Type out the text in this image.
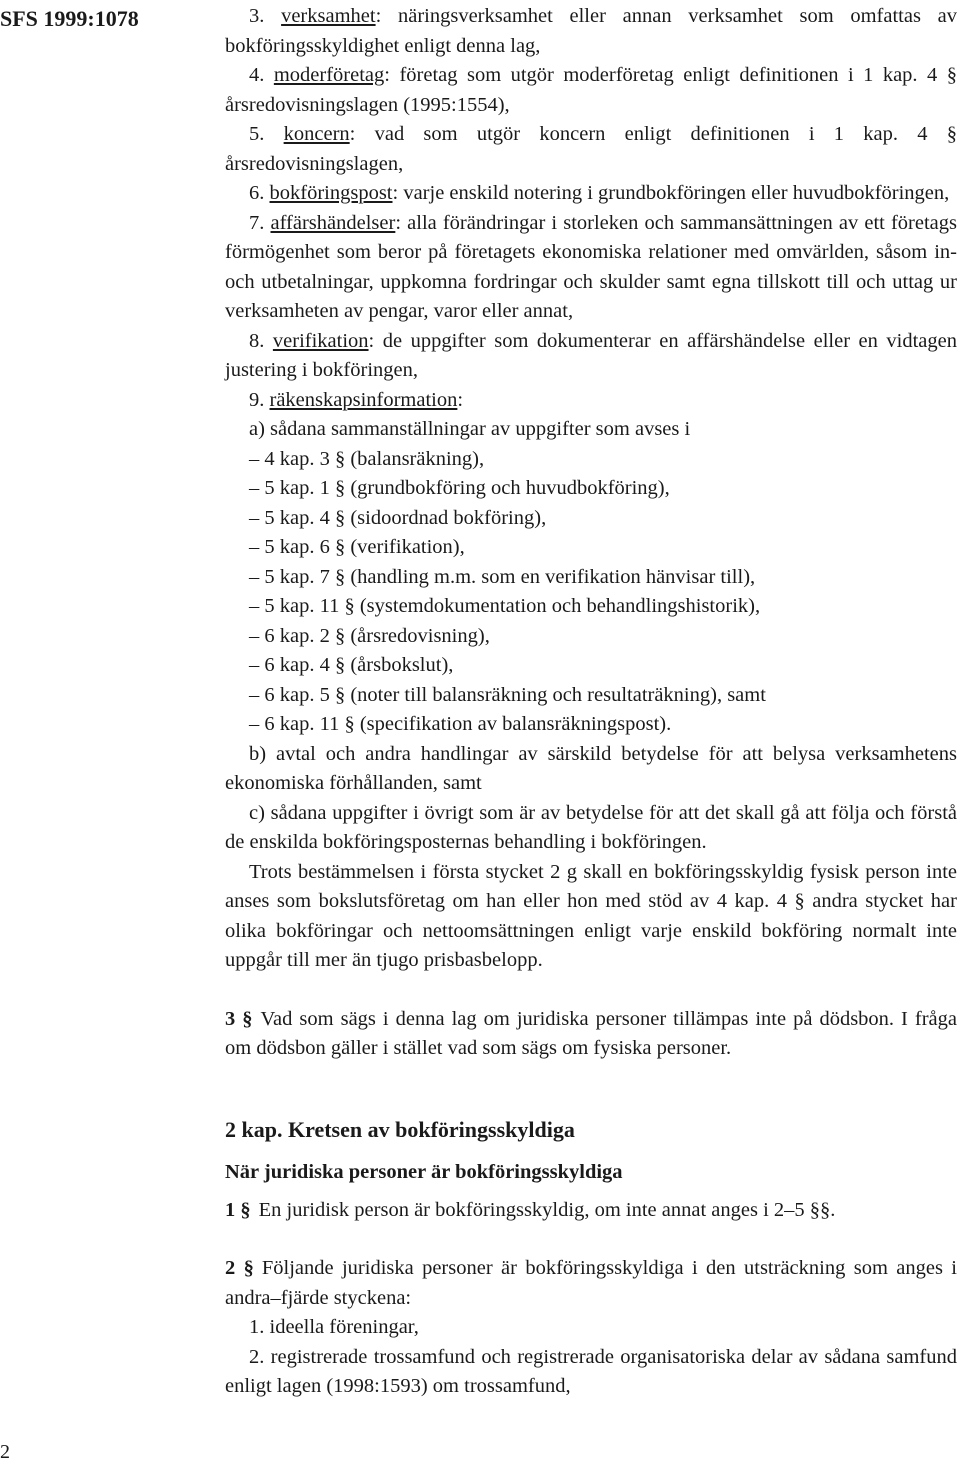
SFS 1999:1078	3. verksamhet: näringsverksamhet eller annan verksamhet som omfattas av bokföringsskyldighet enligt denna lag,

4. moderföretag: företag som utgör moderföretag enligt definitionen i 1 kap. 4 § årsredovisningslagen (1995:1554),

5. koncern: vad som utgör koncern enligt definitionen i 1 kap. 4 § årsredovisningslagen,

6. bokföringspost: varje enskild notering i grundbokföringen eller huvudbokföringen,

7. affärshändelser: alla förändringar i storleken och sammansättningen av ett företags förmögenhet som beror på företagets ekonomiska relationer med omvärlden, såsom in- och utbetalningar, uppkomna fordringar och skulder samt egna tillskott till och uttag ur verksamheten av pengar, varor eller annat,

8. verifikation: de uppgifter som dokumenterar en affärshändelse eller en vidtagen justering i bokföringen,

9. räkenskapsinformation:

a) sådana sammanställningar av uppgifter som avses i

– 4 kap. 3 § (balansräkning),

– 5 kap. 1 § (grundbokföring och huvudbokföring),

– 5 kap. 4 § (sidoordnad bokföring),

– 5 kap. 6 § (verifikation),

– 5 kap. 7 § (handling m.m. som en verifikation hänvisar till),

– 5 kap. 11 § (systemdokumentation och behandlingshistorik),

– 6 kap. 2 § (årsredovisning),

– 6 kap. 4 § (årsbokslut),

– 6 kap. 5 § (noter till balansräkning och resultaträkning), samt

– 6 kap. 11 § (specifikation av balansräkningspost).

b) avtal och andra handlingar av särskild betydelse för att belysa verksamhetens ekonomiska förhållanden, samt

c) sådana uppgifter i övrigt som är av betydelse för att det skall gå att följa och förstå de enskilda bokföringsposternas behandling i bokföringen.

Trots bestämmelsen i första stycket 2 g skall en bokföringsskyldig fysisk person inte anses som bokslutsföretag om han eller hon med stöd av 4 kap. 4 § andra stycket har olika bokföringar och nettoomsättningen enligt varje enskild bokföring normalt inte uppgår till mer än tjugo prisbasbelopp.

3 § Vad som sägs i denna lag om juridiska personer tillämpas inte på dödsbon. I fråga om dödsbon gäller i stället vad som sägs om fysiska personer.

2 kap. Kretsen av bokföringsskyldiga

När juridiska personer är bokföringsskyldiga

1 § En juridisk person är bokföringsskyldig, om inte annat anges i 2–5 §§.

2 § Följande juridiska personer är bokföringsskyldiga i den utsträckning som anges i andra–fjärde styckena:

1. ideella föreningar,

2. registrerade trossamfund och registrerade organisatoriska delar av sådana samfund enligt lagen (1998:1593) om trossamfund,

2
